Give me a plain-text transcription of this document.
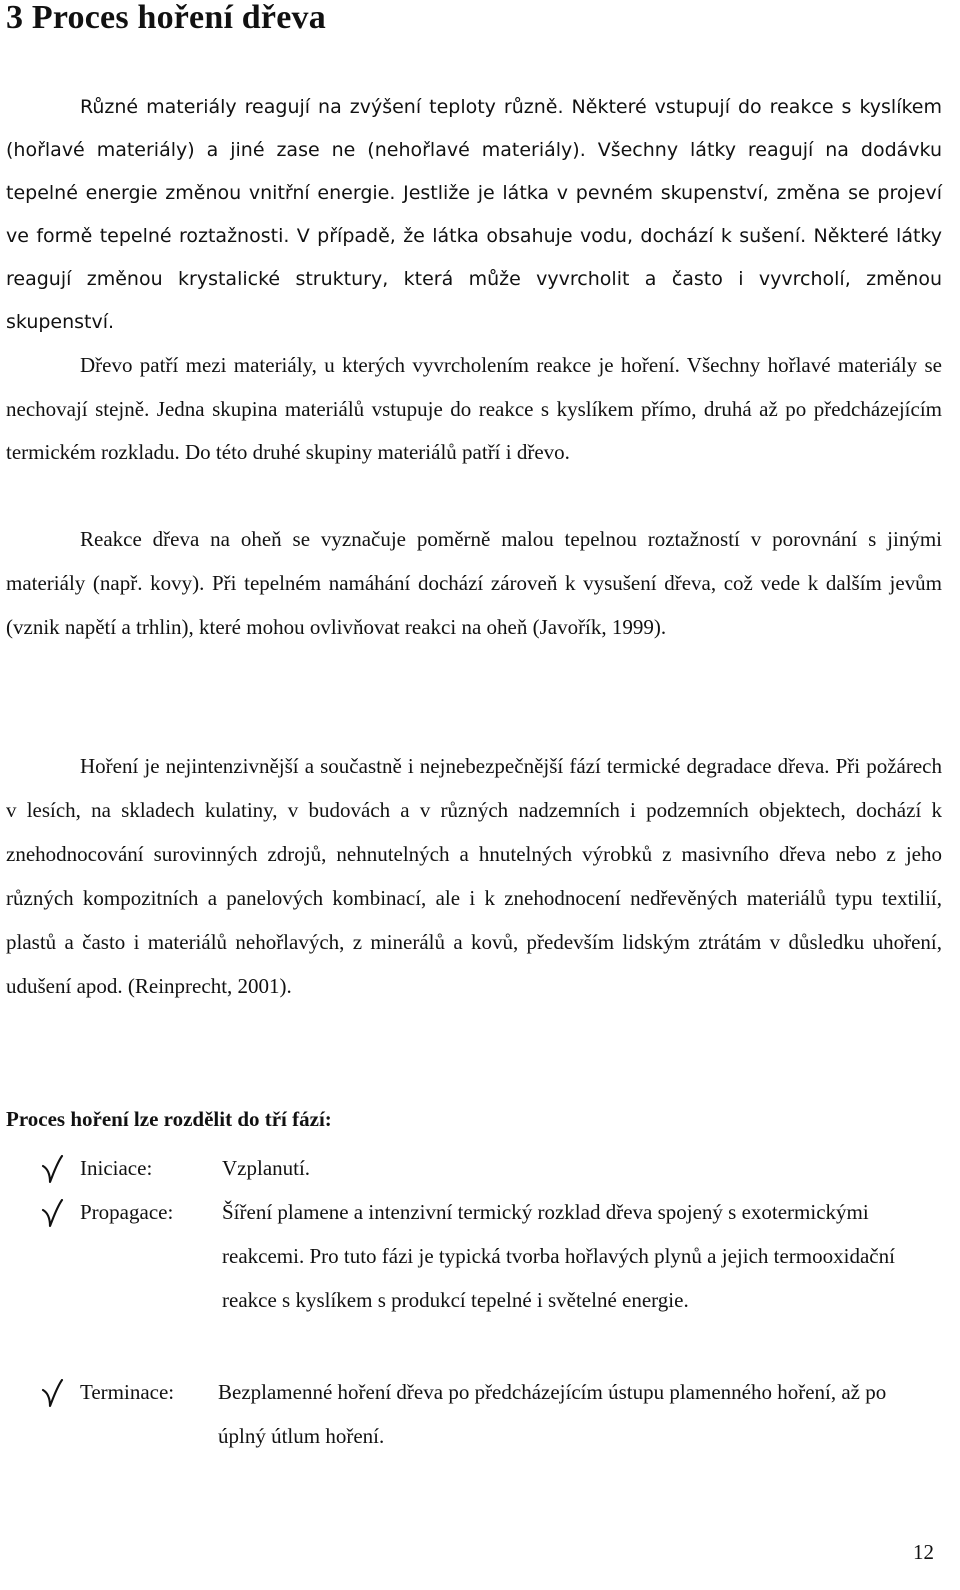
3 Proces hoření dřeva

Různé materiály reagují na zvýšení teploty různě. Některé vstupují do reakce s kyslíkem (hořlavé materiály) a jiné zase ne (nehořlavé materiály). Všechny látky reagují na dodávku tepelné energie změnou vnitřní energie. Jestliže je látka v pevném skupenství, změna se projeví ve formě tepelné roztažnosti. V případě, že látka obsahuje vodu, dochází k sušení. Některé látky reagují změnou krystalické struktury, která může vyvrcholit a často i vyvrcholí, změnou skupenství.

Dřevo patří mezi materiály, u kterých vyvrcholením reakce je hoření. Všechny hořlavé materiály se nechovají stejně. Jedna skupina materiálů vstupuje do reakce s kyslíkem přímo, druhá až po předcházejícím termickém rozkladu. Do této druhé skupiny materiálů patří i dřevo.

Reakce dřeva na oheň se vyznačuje poměrně malou tepelnou roztažností v porovnání s jinými materiály (např. kovy). Při tepelném namáhání dochází zároveň k vysušení dřeva, což vede k dalším jevům (vznik napětí a trhlin), které mohou ovlivňovat reakci na oheň (Javořík, 1999).

Hoření je nejintenzivnější a součastně i nejnebezpečnější fází termické degradace dřeva. Při požárech v lesích, na skladech kulatiny, v budovách a v různých nadzemních i podzemních objektech, dochází k znehodnocování surovinných zdrojů, nehnutelných a hnutelných výrobků z masivního dřeva nebo z jeho různých kompozitních a panelových kombinací, ale i k znehodnocení nedřevěných materiálů typu textilií, plastů a často i materiálů nehořlavých, z minerálů a kovů, především lidským ztrátám v důsledku uhoření, udušení apod. (Reinprecht, 2001).

Proces hoření lze rozdělit do tří fází:
Iniciace:	Vzplanutí.

Propagace: Šíření plamene a intenzivní termický rozklad dřeva spojený s exotermickými reakcemi. Pro tuto fázi je typická tvorba hořlavých plynů a jejich termooxidační reakce s kyslíkem s produkcí tepelné i světelné energie.

Terminace: Bezplamenné hoření dřeva po předcházejícím ústupu plamenného hoření, až po úplný útlum hoření.

12
